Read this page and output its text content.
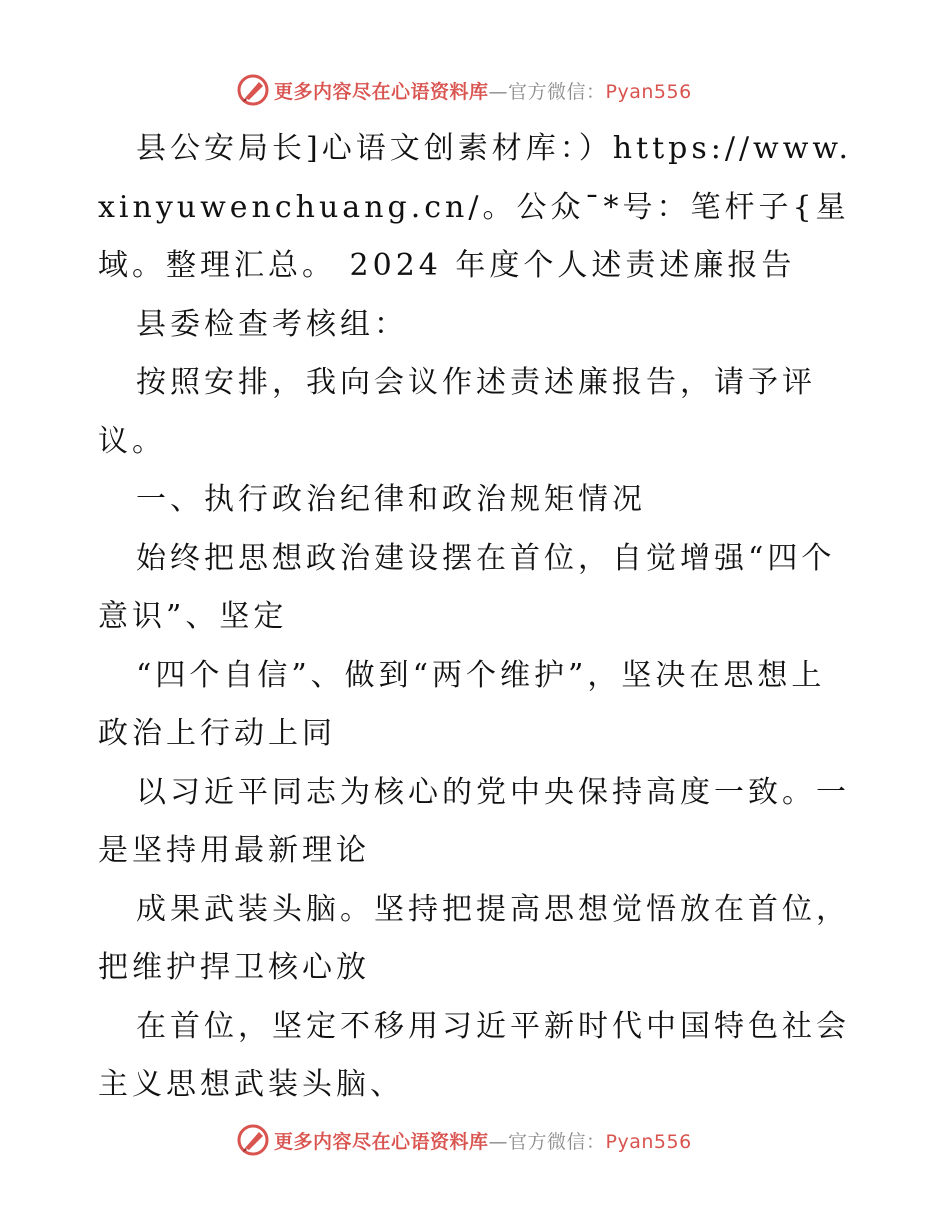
更多内容尽在心语资料库—官方微信：Pyan556

县公安局长]心语文创素材库：）https://www.xinyuwenchuang.cn/。公众¯*号：笔杆子{星域。整理汇总。 2024 年度个人述责述廉报告

县委检查考核组：

按照安排，我向会议作述责述廉报告，请予评议。

一、执行政治纪律和政治规矩情况

始终把思想政治建设摆在首位，自觉增强“四个意识”、坚定

“四个自信”、做到“两个维护”，坚决在思想上政治上行动上同

以习近平同志为核心的党中央保持高度一致。一是坚持用最新理论

成果武装头脑。坚持把提高思想觉悟放在首位，把维护捍卫核心放

在首位，坚定不移用习近平新时代中国特色社会主义思想武装头脑、

更多内容尽在心语资料库—官方微信：Pyan556
